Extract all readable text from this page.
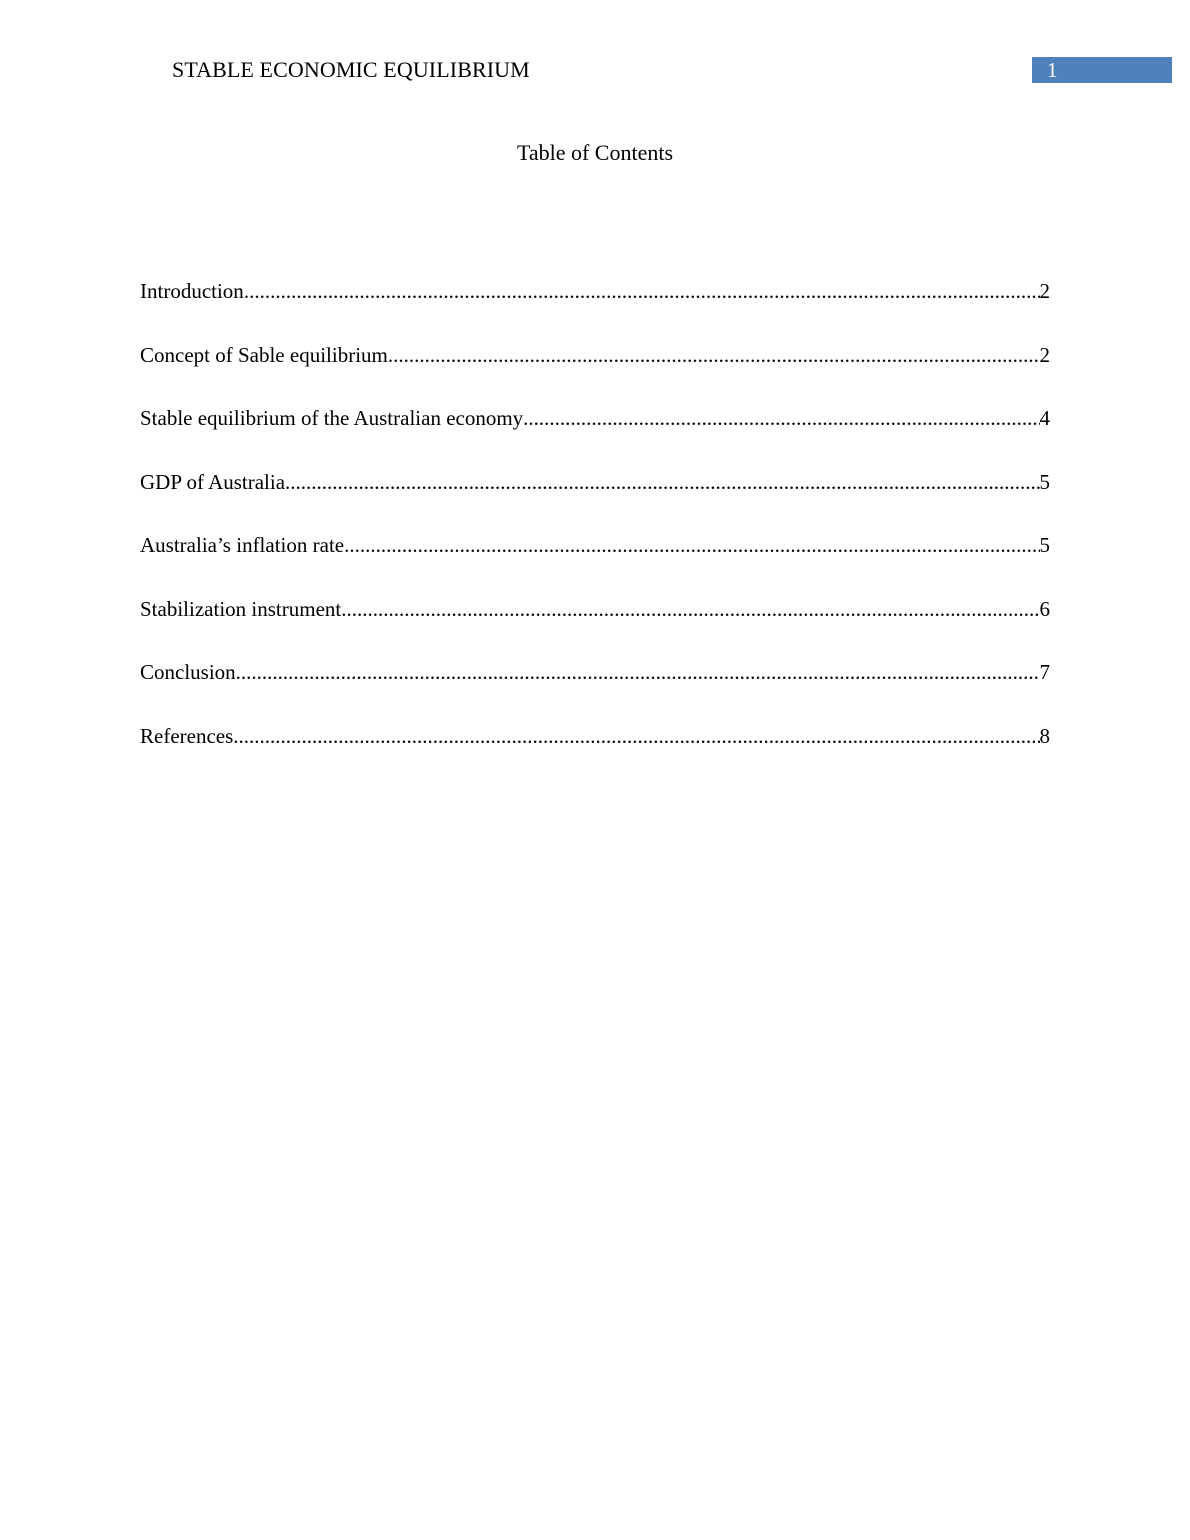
STABLE ECONOMIC EQUILIBRIUM	1
Table of Contents
Introduction .....	2
Concept of Sable equilibrium .....	2
Stable equilibrium of the Australian economy .....	4
GDP of Australia .....	5
Australia’s inflation rate .....	5
Stabilization instrument .....	6
Conclusion .....	7
References .....	8
